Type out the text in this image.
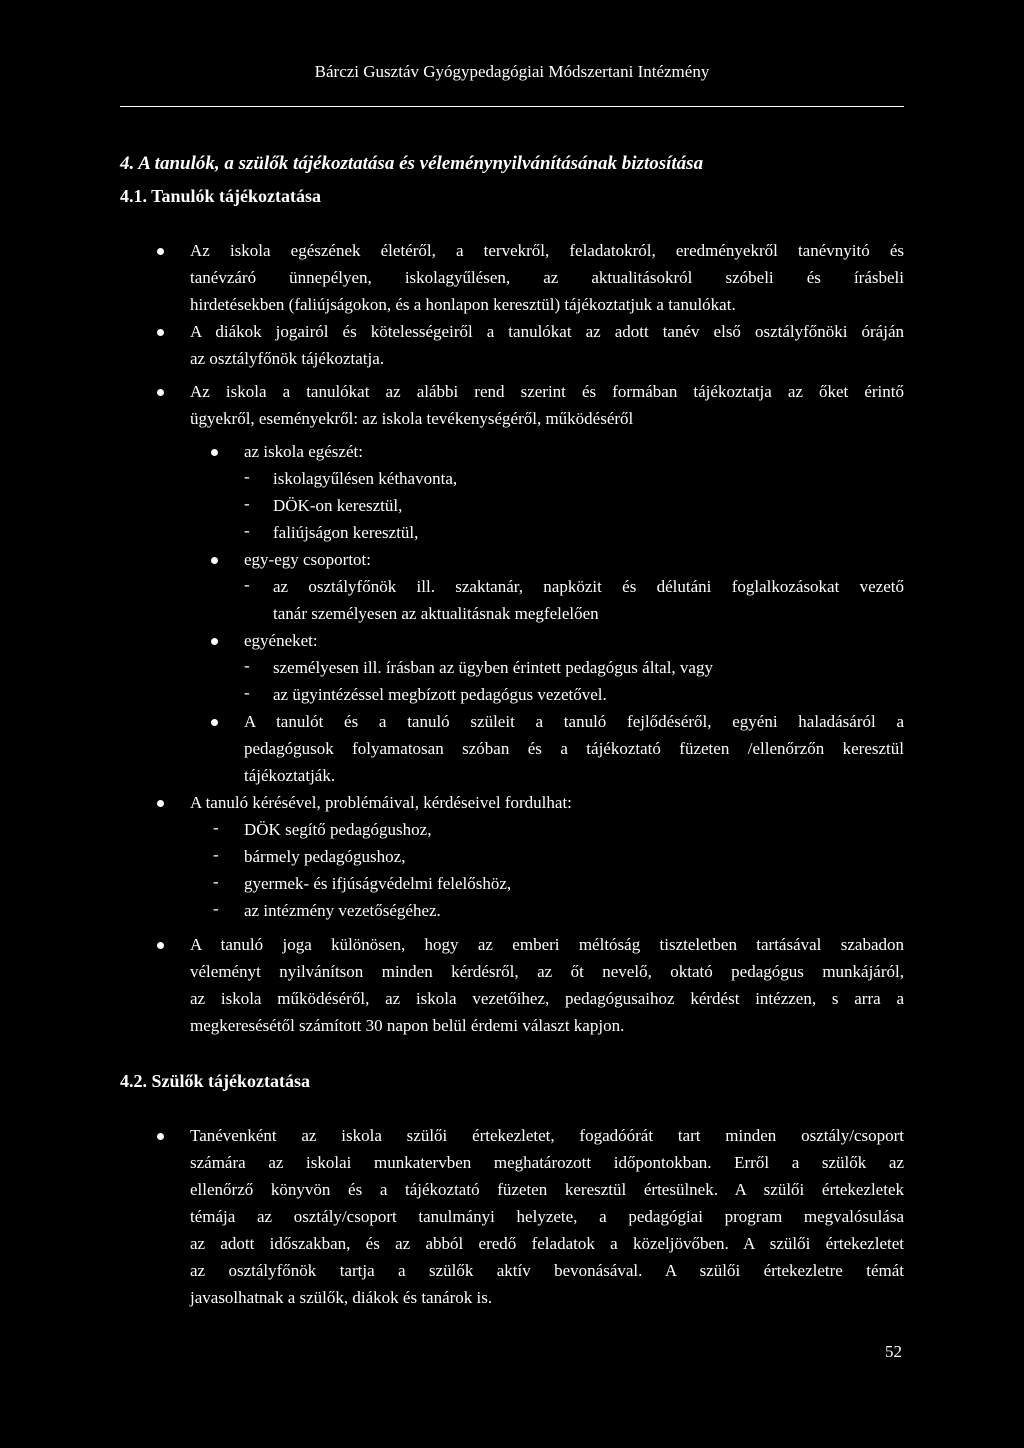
Bárczi Gusztáv Gyógypedagógiai Módszertani Intézmény
4. A tanulók, a szülők tájékoztatása és véleménynyilvánításának biztosítása
4.1. Tanulók tájékoztatása
Az iskola egészének életéről, a tervekről, feladatokról, eredményekről tanévnyitó és
tanévzáró ünnepélyen, iskolagyűlésen, az aktualitásokról szóbeli és írásbeli
hirdetésekben (faliújságokon, és a honlapon keresztül) tájékoztatjuk a tanulókat.
A diákok jogairól és kötelességeiről a tanulókat az adott tanév első osztályfőnöki óráján
az osztályfőnök tájékoztatja.
Az iskola a tanulókat az alábbi rend szerint és formában tájékoztatja az őket érintő
ügyekről, eseményekről: az iskola tevékenységéről, működéséről
az iskola egészét:
- iskolagyűlésen kéthavonta,
- DÖK-on keresztül,
- faliújságon keresztül,
egy-egy csoportot:
- az osztályfőnök ill. szaktanár, napközit és délutáni foglalkozásokat vezető
tanár személyesen az aktualitásnak megfelelően
egyéneket:
- személyesen ill. írásban az ügyben érintett pedagógus által, vagy
- az ügyintézéssel megbízott pedagógus vezetővel.
A tanulót és a tanuló szüleit a tanuló fejlődéséről, egyéni haladásáról a
pedagógusok folyamatosan szóban és a tájékoztató füzeten /ellenőrzőn keresztül
tájékoztatják.
A tanuló kérésével, problémáival, kérdéseivel fordulhat:
- DÖK segítő pedagógushoz,
- bármely pedagógushoz,
- gyermek- és ifjúságvédelmi felelőshöz,
- az intézmény vezetőségéhez.
A tanuló joga különösen, hogy az emberi méltóság tiszteletben tartásával szabadon
véleményt nyilvánítson minden kérdésről, az őt nevelő, oktató pedagógus munkájáról,
az iskola működéséről, az iskola vezetőihez, pedagógusaihoz kérdést intézzen, s arra a
megkeresésétől számított 30 napon belül érdemi választ kapjon.
4.2. Szülők tájékoztatása
Tanévenként az iskola szülői értekezletet, fogadóórát tart minden osztály/csoport
számára az iskolai munkatervben meghatározott időpontokban. Erről a szülők az
ellenőrző könyvön és a tájékoztató füzeten keresztül értesülnek. A szülői értekezletek
témája az osztály/csoport tanulmányi helyzete, a pedagógiai program megvalósulása
az adott időszakban, és az abból eredő feladatok a közeljövőben. A szülői értekezletet
az osztályfőnök tartja a szülők aktív bevonásával. A szülői értekezletre témát
javasolhatnak a szülők, diákok és tanárok is.
52
